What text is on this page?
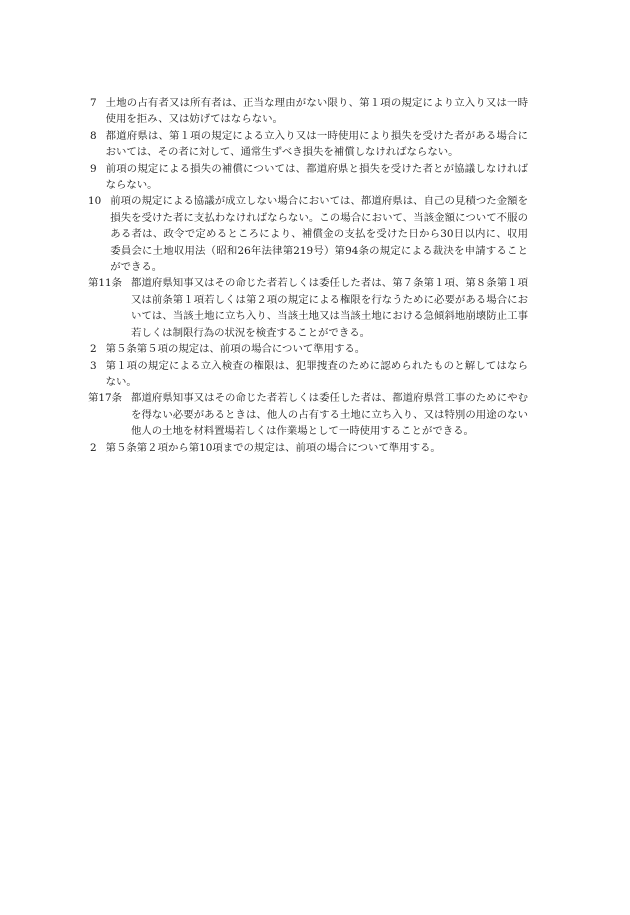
7 土地の占有者又は所有者は、正当な理由がない限り、第１項の規定により立入り又は一時使用を拒み、又は妨げてはならない。
8 都道府県は、第１項の規定による立入り又は一時使用により損失を受けた者がある場合においては、その者に対して、通常生ずべき損失を補償しなければならない。
9 前項の規定による損失の補償については、都道府県と損失を受けた者とが協議しなければならない。
10 前項の規定による協議が成立しない場合においては、都道府県は、自己の見積つた金額を損失を受けた者に支払わなければならない。この場合において、当該金額について不服のある者は、政令で定めるところにより、補償金の支払を受けた日から30日以内に、収用委員会に土地収用法（昭和26年法律第219号）第94条の規定による裁決を申請することができる。
第11条 都道府県知事又はその命じた者若しくは委任した者は、第７条第１項、第８条第１項又は前条第１項若しくは第２項の規定による権限を行なうために必要がある場合においては、当該土地に立ち入り、当該土地又は当該土地における急傾斜地崩壊防止工事若しくは制限行為の状況を検査することができる。
2 第５条第５項の規定は、前項の場合について準用する。
3 第１項の規定による立入検査の権限は、犯罪捜査のために認められたものと解してはならない。
第17条 都道府県知事又はその命じた者若しくは委任した者は、都道府県営工事のためにやむを得ない必要があるときは、他人の占有する土地に立ち入り、又は特別の用途のない他人の土地を材料置場若しくは作業場として一時使用することができる。
2 第５条第２項から第10項までの規定は、前項の場合について準用する。
